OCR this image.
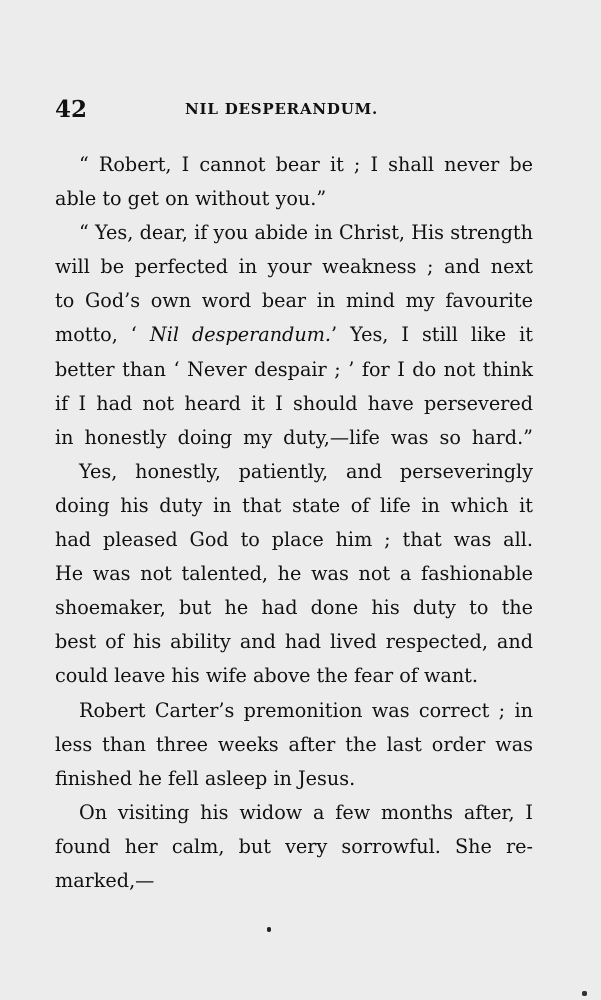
42	NIL DESPERANDUM.
“ Robert, I cannot bear it ; I shall never be
able to get on without you.”
“ Yes, dear, if you abide in Christ, His strength
will be perfected in your weakness ; and next
to God’s own word bear in mind my favourite
motto, ‘ Nil desperandum.’ Yes, I still like it
better than ‘ Never despair ; ’ for I do not think
if I had not heard it I should have persevered
in honestly doing my duty,—life was so hard.”
Yes, honestly, patiently, and perseveringly
doing his duty in that state of life in which it
had pleased God to place him ; that was all.
He was not talented, he was not a fashionable
shoemaker, but he had done his duty to the
best of his ability and had lived respected, and
could leave his wife above the fear of want.
Robert Carter’s premonition was correct ; in
less than three weeks after the last order was
finished he fell asleep in Jesus.
On visiting his widow a few months after, I
found her calm, but very sorrowful. She re-
marked,—
